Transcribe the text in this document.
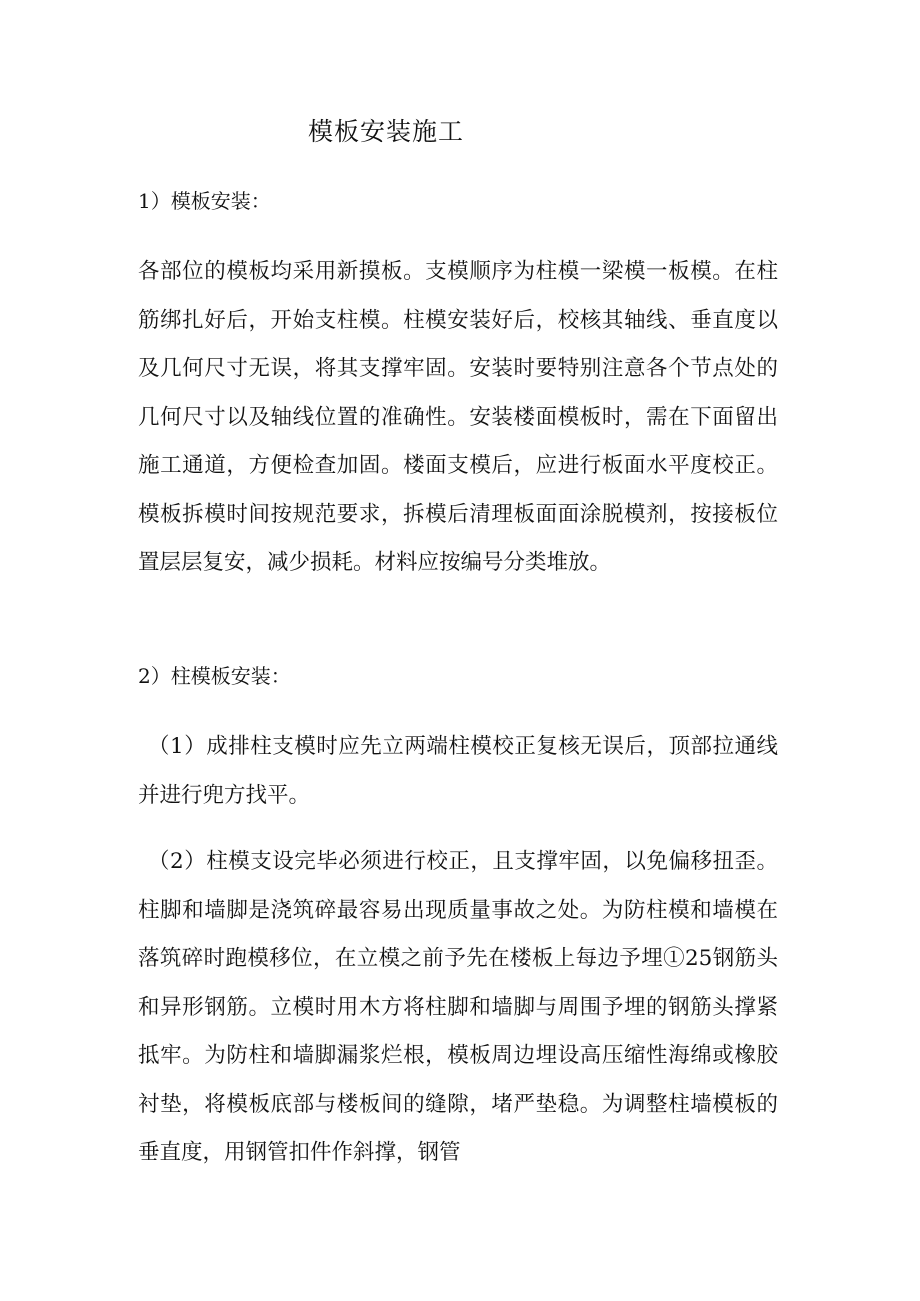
模板安装施工
1）模板安装：

各部位的模板均采用新摸板。支模顺序为柱模一梁模一板模。在柱筋绑扎好后，开始支柱模。柱模安装好后，校核其轴线、垂直度以及几何尺寸无误，将其支撑牢固。安装时要特别注意各个节点处的几何尺寸以及轴线位置的准确性。安装楼面模板时，需在下面留出施工通道，方便检查加固。楼面支模后，应进行板面水平度校正。模板拆模时间按规范要求，拆模后清理板面面涂脱模剂，按接板位置层层复安，减少损耗。材料应按编号分类堆放。

2）柱模板安装：

（1）成排柱支模时应先立两端柱模校正复核无误后，顶部拉通线并进行兜方找平。

（2）柱模支设完毕必须进行校正，且支撑牢固，以免偏移扭歪。柱脚和墙脚是浇筑碎最容易出现质量事故之处。为防柱模和墙模在落筑碎时跑模移位，在立模之前予先在楼板上每边予埋①25钢筋头和异形钢筋。立模时用木方将柱脚和墙脚与周围予埋的钢筋头撑紧抵牢。为防柱和墙脚漏浆烂根，模板周边埋设高压缩性海绵或橡胶衬垫，将模板底部与楼板间的缝隙，堵严垫稳。为调整柱墙模板的垂直度，用钢管扣件作斜撑，钢管
